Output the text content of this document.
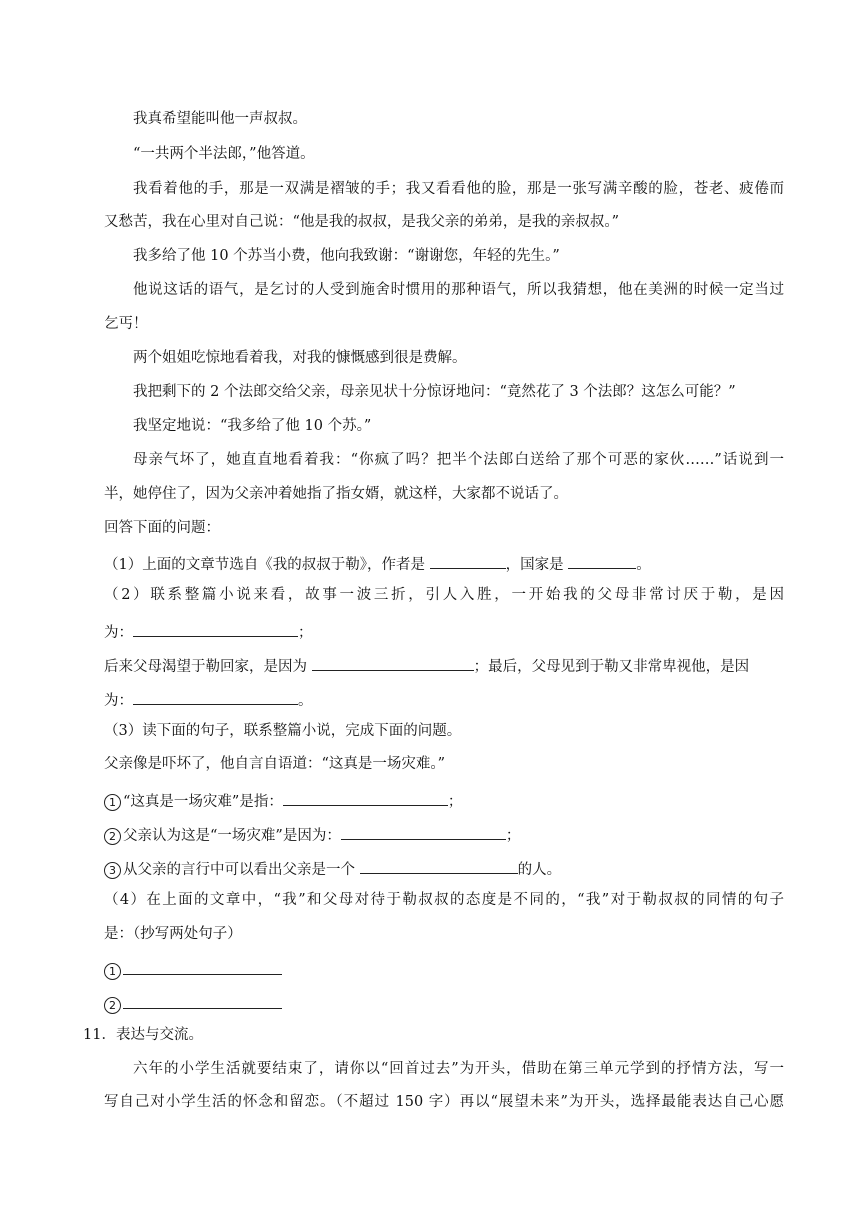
我真希望能叫他一声叔叔。
“一共两个半法郎，”他答道。
我看着他的手，那是一双满是褶皱的手；我又看看他的脸，那是一张写满辛酸的脸，苍老、疲倦而
又愁苦，我在心里对自己说：“他是我的叔叔，是我父亲的弟弟，是我的亲叔叔。”
我多给了他 10 个苏当小费，他向我致谢：“谢谢您，年轻的先生。”
他说这话的语气，是乞讨的人受到施舍时惯用的那种语气，所以我猜想，他在美洲的时候一定当过
乞丐！
两个姐姐吃惊地看着我，对我的慷慨感到很是费解。
我把剩下的 2 个法郎交给父亲，母亲见状十分惊讶地问：“竟然花了 3 个法郎？这怎么可能？”
我坚定地说：“我多给了他 10 个苏。”
母亲气坏了，她直直地看着我：“你疯了吗？把半个法郎白送给了那个可恶的家伙……”话说到一
半，她停住了，因为父亲冲着她指了指女婿，就这样，大家都不说话了。
回答下面的问题：
（1）上面的文章节选自《我的叔叔于勒》，作者是	，国家是	。
（2）联系整篇小说来看，故事一波三折，引人入胜，一开始我的父母非常讨厌于勒，是因
为：	；
后来父母渴望于勒回家，是因为	；最后，父母见到于勒又非常卑视他，是因
为：	。
（3）读下面的句子，联系整篇小说，完成下面的问题。
父亲像是吓坏了，他自言自语道：“这真是一场灾难。”
1 “这真是一场灾难”是指：	；
2 父亲认为这是“一场灾难”是因为：	；
3 从父亲的言行中可以看出父亲是一个	的人。
（4）在上面的文章中，“我”和父母对待于勒叔叔的态度是不同的，“我”对于勒叔叔的同情的句子
是：（抄写两处句子）
1
2
11．表达与交流。
六年的小学生活就要结束了，请你以“回首过去”为开头，借助在第三单元学到的抒情方法，写一
写自己对小学生活的怀念和留恋。（不超过 150 字）再以“展望未来”为开头，选择最能表达自己心愿
